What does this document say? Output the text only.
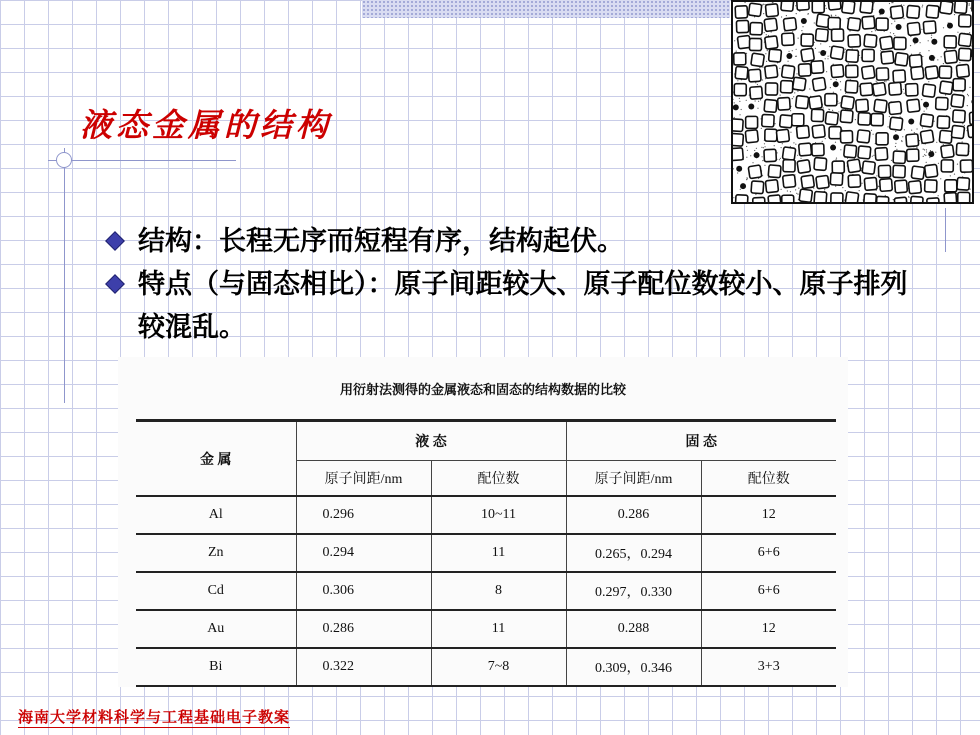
液态金属的结构
结构：长程无序而短程有序，结构起伏。
特点（与固态相比）：原子间距较大、原子配位数较小、原子排列较混乱。
用衍射法测得的金属液态和固态的结构数据的比较
金 属	液 态		固 态	
	原子间距/nm	配位数	原子间距/nm	配位数
Al	0.296	10~11	0.286	12
Zn	0.294	11	0.265，0.294	6+6
Cd	0.306	8	0.297，0.330	6+6
Au	0.286	11	0.288	12
Bi	0.322	7~8	0.309，0.346	3+3
海南大学材料科学与工程基础电子教案
